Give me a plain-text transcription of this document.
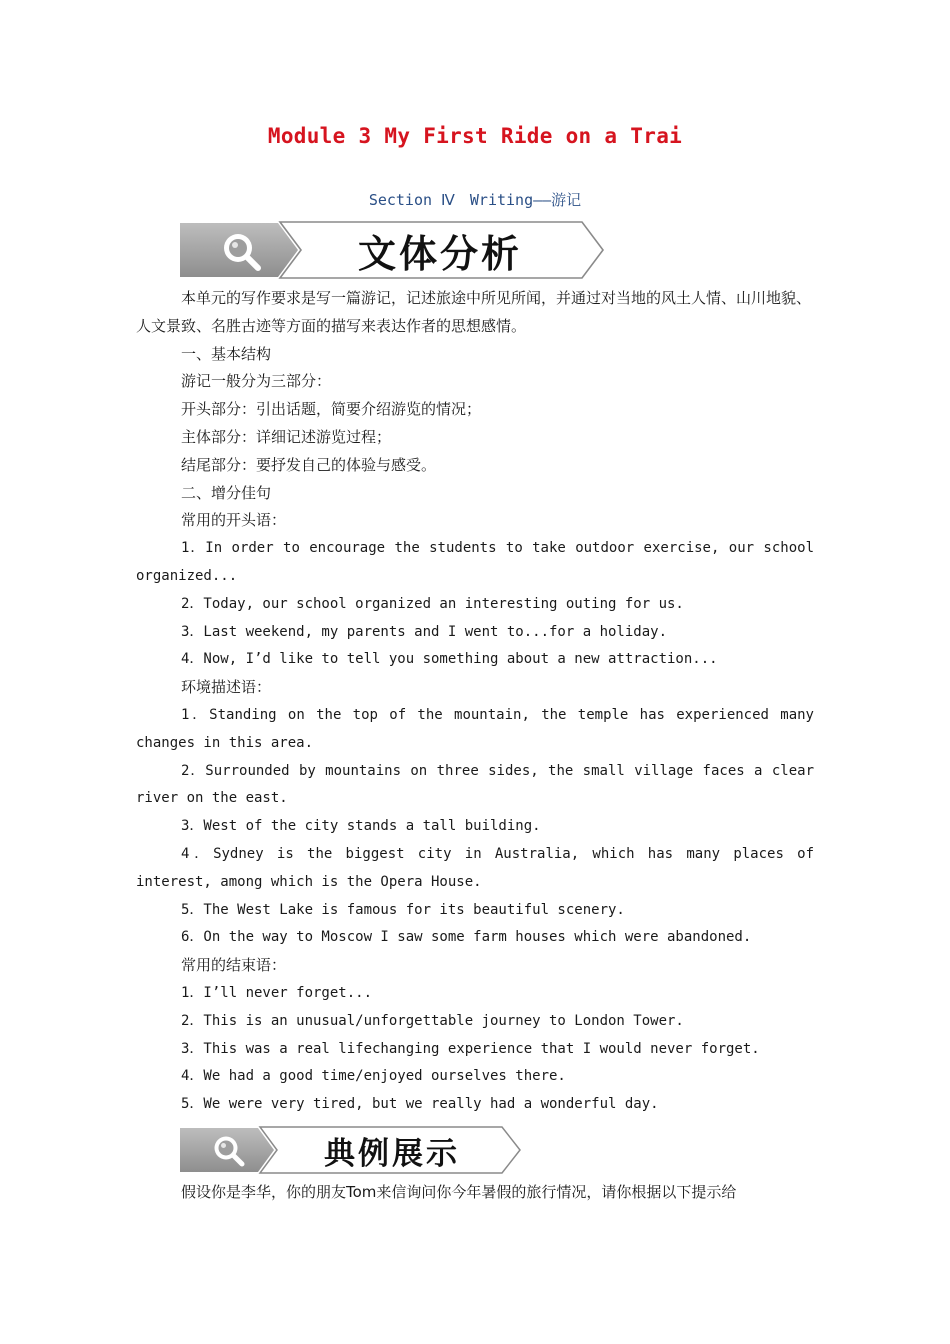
Module 3 My First Ride on a Trai
Section Ⅳ　Writing——游记
文体分析

本单元的写作要求是写一篇游记，记述旅途中所见所闻，并通过对当地的风土人情、山川地貌、人文景致、名胜古迹等方面的描写来表达作者的思想感情。

一、基本结构

游记一般分为三部分：

开头部分：引出话题，简要介绍游览的情况；

主体部分：详细记述游览过程；

结尾部分：要抒发自己的体验与感受。

二、增分佳句

常用的开头语：

1．In order to encourage the students to take outdoor exercise, our school organized...

2．Today, our school organized an interesting outing for us.

3．Last weekend, my parents and I went to...for a holiday.

4．Now, I’d like to tell you something about a new attraction...

环境描述语：

1．Standing on the top of the mountain, the temple has experienced many changes in this area.

2．Surrounded by mountains on three sides, the small village faces a clear river on the east.

3．West of the city stands a tall building.

4．Sydney is the biggest city in Australia, which has many places of interest, among which is the Opera House.

5．The West Lake is famous for its beautiful scenery.

6．On the way to Moscow I saw some farm houses which were abandoned.

常用的结束语：

1．I’ll never forget...

2．This is an unusual/unforgettable journey to London Tower.

3．This was a real lifechanging experience that I would never forget.

4．We had a good time/enjoyed ourselves there.

5．We were very tired, but we really had a wonderful day.

典例展示

假设你是李华，你的朋友Tom来信询问你今年暑假的旅行情况，请你根据以下提示给
